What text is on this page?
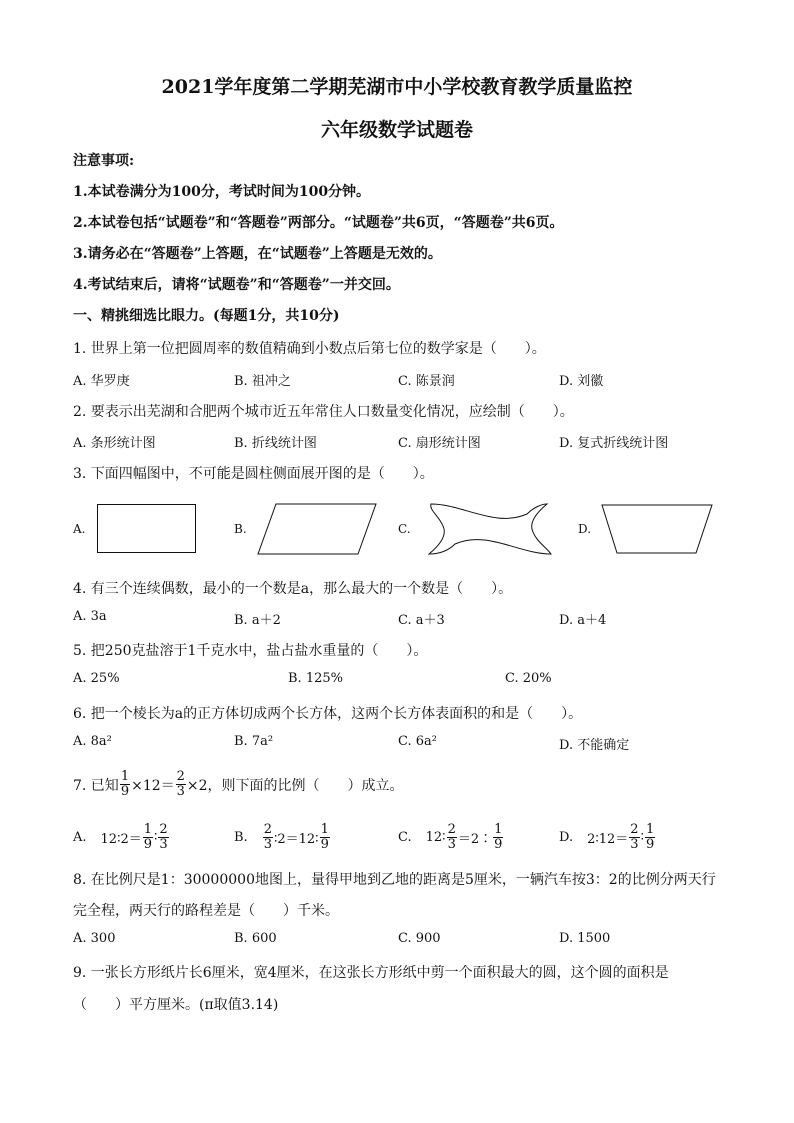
2021学年度第二学期芜湖市中小学校教育教学质量监控
六年级数学试题卷
注意事项:
1.本试卷满分为100分，考试时间为100分钟。
2.本试卷包括“试题卷”和“答题卷”两部分。“试题卷”共6页，“答题卷”共6页。
3.请务必在“答题卷”上答题，在“试题卷”上答题是无效的。
4.考试结束后，请将“试题卷”和“答题卷”一并交回。
一、精挑细选比眼力。(每题1分，共10分)
1. 世界上第一位把圆周率的数值精确到小数点后第七位的数学家是（　　）。
A. 华罗庚	B. 祖冲之	C. 陈景润	D. 刘徽
2. 要表示出芜湖和合肥两个城市近五年常住人口数量变化情况，应绘制（　　）。
A. 条形统计图	B. 折线统计图	C. 扇形统计图	D. 复式折线统计图
3. 下面四幅图中，不可能是圆柱侧面展开图的是（　　）。
A.	B.	C.	D.
4. 有三个连续偶数，最小的一个数是a，那么最大的一个数是（　　）。
A. 3a	B. a＋2	C. a＋3	D. a＋4
5. 把250克盐溶于1千克水中，盐占盐水重量的（　　）。
A. 25%	B. 125%	C. 20%
6. 把一个棱长为a的正方体切成两个长方体，这两个长方体表面积的和是（　　）。
A. 8a²	B. 7a²	C. 6a²	D. 不能确定
7. 已知 $\frac{1}{9} \times 12= \frac{2}{3} \times 2$，则下面的比例（　　）成立。
A. 12∶2＝ $\frac{1}{9}$ ∶ $\frac{2}{3}$	B. $\frac{2}{3}$ ∶2＝12∶ $\frac{1}{9}$	C. 12∶ $\frac{2}{3}$ ＝2∶ $\frac{1}{9}$	D. 2∶12＝ $\frac{2}{3}$ ∶ $\frac{1}{9}$
8. 在比例尺是1：30000000地图上，量得甲地到乙地的距离是5厘米，一辆汽车按3：2的比例分两天行
完全程，两天行的路程差是（　　）千米。
A. 300	B. 600	C. 900	D. 1500
9. 一张长方形纸片长6厘米，宽4厘米，在这张长方形纸中剪一个面积最大的圆，这个圆的面积是
（　　）平方厘米。(π取值3.14)
